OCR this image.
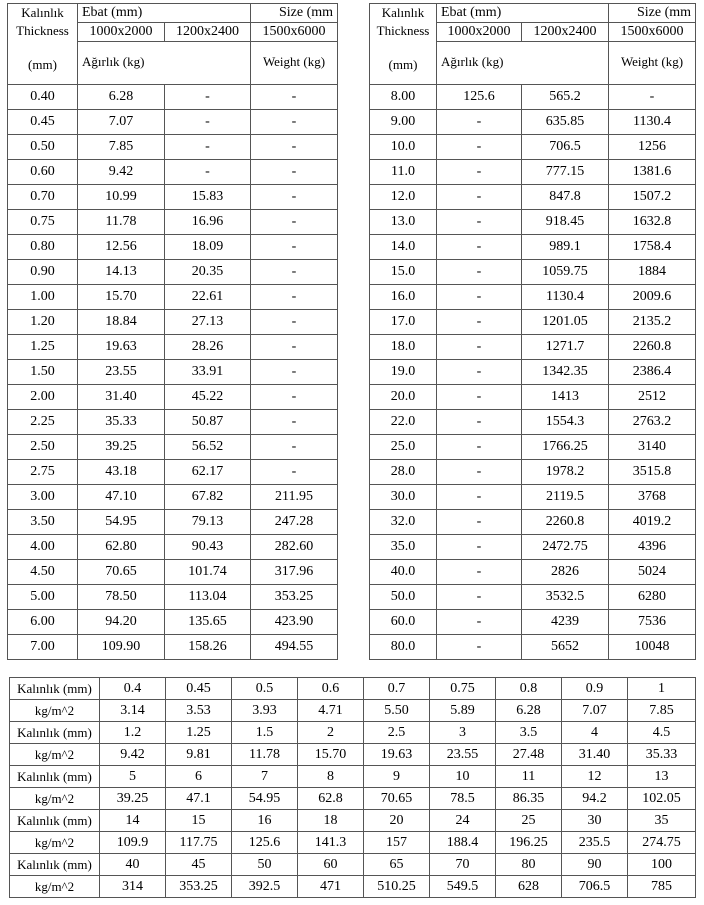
Kalınlık
Thickness
(mm)	Ebat (mm)		Size (mm
	1000x2000	1200x2400	1500x6000
	Ağırlık (kg)		Weight (kg)
0.40	6.28	-	-
0.45	7.07	-	-
0.50	7.85	-	-
0.60	9.42	-	-
0.70	10.99	15.83	-
0.75	11.78	16.96	-
0.80	12.56	18.09	-
0.90	14.13	20.35	-
1.00	15.70	22.61	-
1.20	18.84	27.13	-
1.25	19.63	28.26	-
1.50	23.55	33.91	-
2.00	31.40	45.22	-
2.25	35.33	50.87	-
2.50	39.25	56.52	-
2.75	43.18	62.17	-
3.00	47.10	67.82	211.95
3.50	54.95	79.13	247.28
4.00	62.80	90.43	282.60
4.50	70.65	101.74	317.96
5.00	78.50	113.04	353.25
6.00	94.20	135.65	423.90
7.00	109.90	158.26	494.55
Kalınlık
Thickness
(mm)	Ebat (mm)		Size (mm
	1000x2000	1200x2400	1500x6000
	Ağırlık (kg)		Weight (kg)
8.00	125.6	565.2	-
9.00	-	635.85	1130.4
10.0	-	706.5	1256
11.0	-	777.15	1381.6
12.0	-	847.8	1507.2
13.0	-	918.45	1632.8
14.0	-	989.1	1758.4
15.0	-	1059.75	1884
16.0	-	1130.4	2009.6
17.0	-	1201.05	2135.2
18.0	-	1271.7	2260.8
19.0	-	1342.35	2386.4
20.0	-	1413	2512
22.0	-	1554.3	2763.2
25.0	-	1766.25	3140
28.0	-	1978.2	3515.8
30.0	-	2119.5	3768
32.0	-	2260.8	4019.2
35.0	-	2472.75	4396
40.0	-	2826	5024
50.0	-	3532.5	6280
60.0	-	4239	7536
80.0	-	5652	10048
Kalınlık (mm)	0.4	0.45	0.5	0.6	0.7	0.75	0.8	0.9	1
kg/m^2	3.14	3.53	3.93	4.71	5.50	5.89	6.28	7.07	7.85
Kalınlık (mm)	1.2	1.25	1.5	2	2.5	3	3.5	4	4.5
kg/m^2	9.42	9.81	11.78	15.70	19.63	23.55	27.48	31.40	35.33
Kalınlık (mm)	5	6	7	8	9	10	11	12	13
kg/m^2	39.25	47.1	54.95	62.8	70.65	78.5	86.35	94.2	102.05
Kalınlık (mm)	14	15	16	18	20	24	25	30	35
kg/m^2	109.9	117.75	125.6	141.3	157	188.4	196.25	235.5	274.75
Kalınlık (mm)	40	45	50	60	65	70	80	90	100
kg/m^2	314	353.25	392.5	471	510.25	549.5	628	706.5	785
